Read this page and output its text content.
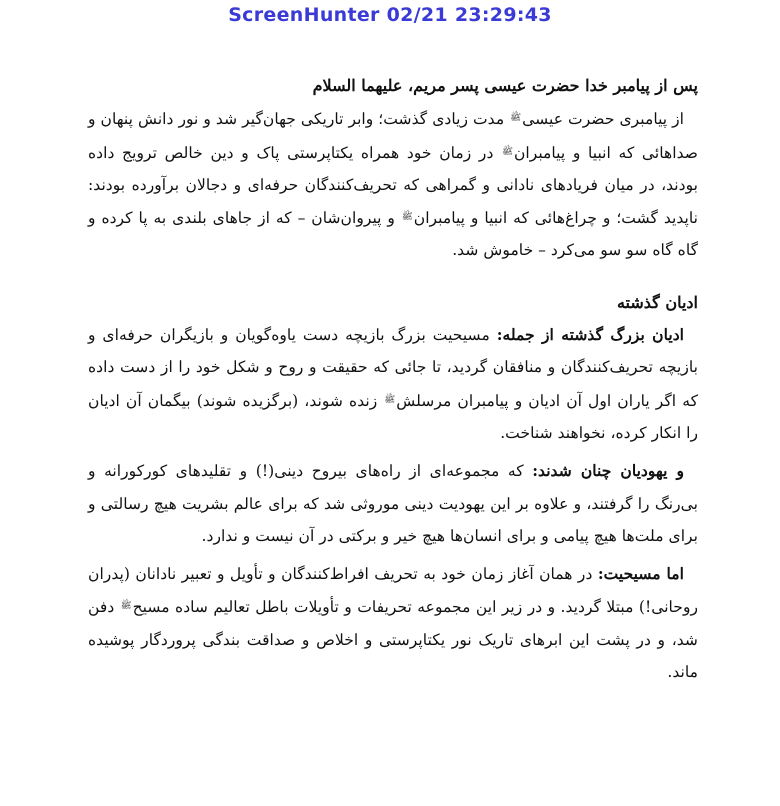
ScreenHunter 02/21 23:29:43

پس از پیامبر خدا حضرت عیسی پسر مریم، علیهما السلام

از پیامبری حضرت عیسی$^ﷺ$ مدت زیادی گذشت؛ وابر تاریکی جهان‌گیر شد و نور دانش پنهان و صداهائی که انبیا و پیامبران$^ﷺ$ در زمان خود همراه یکتاپرستی پاک و دین خالص ترویج داده بودند، در میان فریادهای نادانی و گمراهی که تحریف‌کنندگان حرفه‌ای و دجالان برآورده بودند: ناپدید گشت؛ و چراغ‌هائی که انبیا و پیامبران$^ﷺ$ و پیروان‌شان – که از جاهای بلندی به پا کرده و گاه گاه سو سو می‌کرد – خاموش شد.

ادیان گذشته

ادیان بزرگ گذشته از جمله: مسیحیت بزرگ بازیچه دست یاوه‌گویان و بازیگران حرفه‌ای و بازیچه تحریف‌کنندگان و منافقان گردید، تا جائی که حقیقت و روح و شکل خود را از دست داده که اگر یاران اول آن ادیان و پیامبران مرسلش$^ﷺ$ زنده شوند، (برگزیده شوند) بیگمان آن ادیان را انکار کرده، نخواهند شناخت.

و یهودیان چنان شدند: که مجموعه‌ای از راه‌های بیروح دینی(!) و تقلیدهای کورکورانه و بی‌رنگ را گرفتند، و علاوه بر این یهودیت دینی موروثی شد که برای عالم بشریت هیچ رسالتی و برای ملت‌ها هیچ پیامی و برای انسان‌ها هیچ خیر و برکتی در آن نیست و ندارد.

اما مسیحیت: در همان آغاز زمان خود به تحریف افراط‌کنندگان و تأویل و تعبیر نادانان (پدران روحانی!) مبتلا گردید. و در زیر این مجموعه تحریفات و تأویلات باطل تعالیم ساده مسیح$^ﷺ$ دفن شد، و در پشت این ابرهای تاریک نور یکتاپرستی و اخلاص و صداقت بندگی پروردگار پوشیده ماند.
